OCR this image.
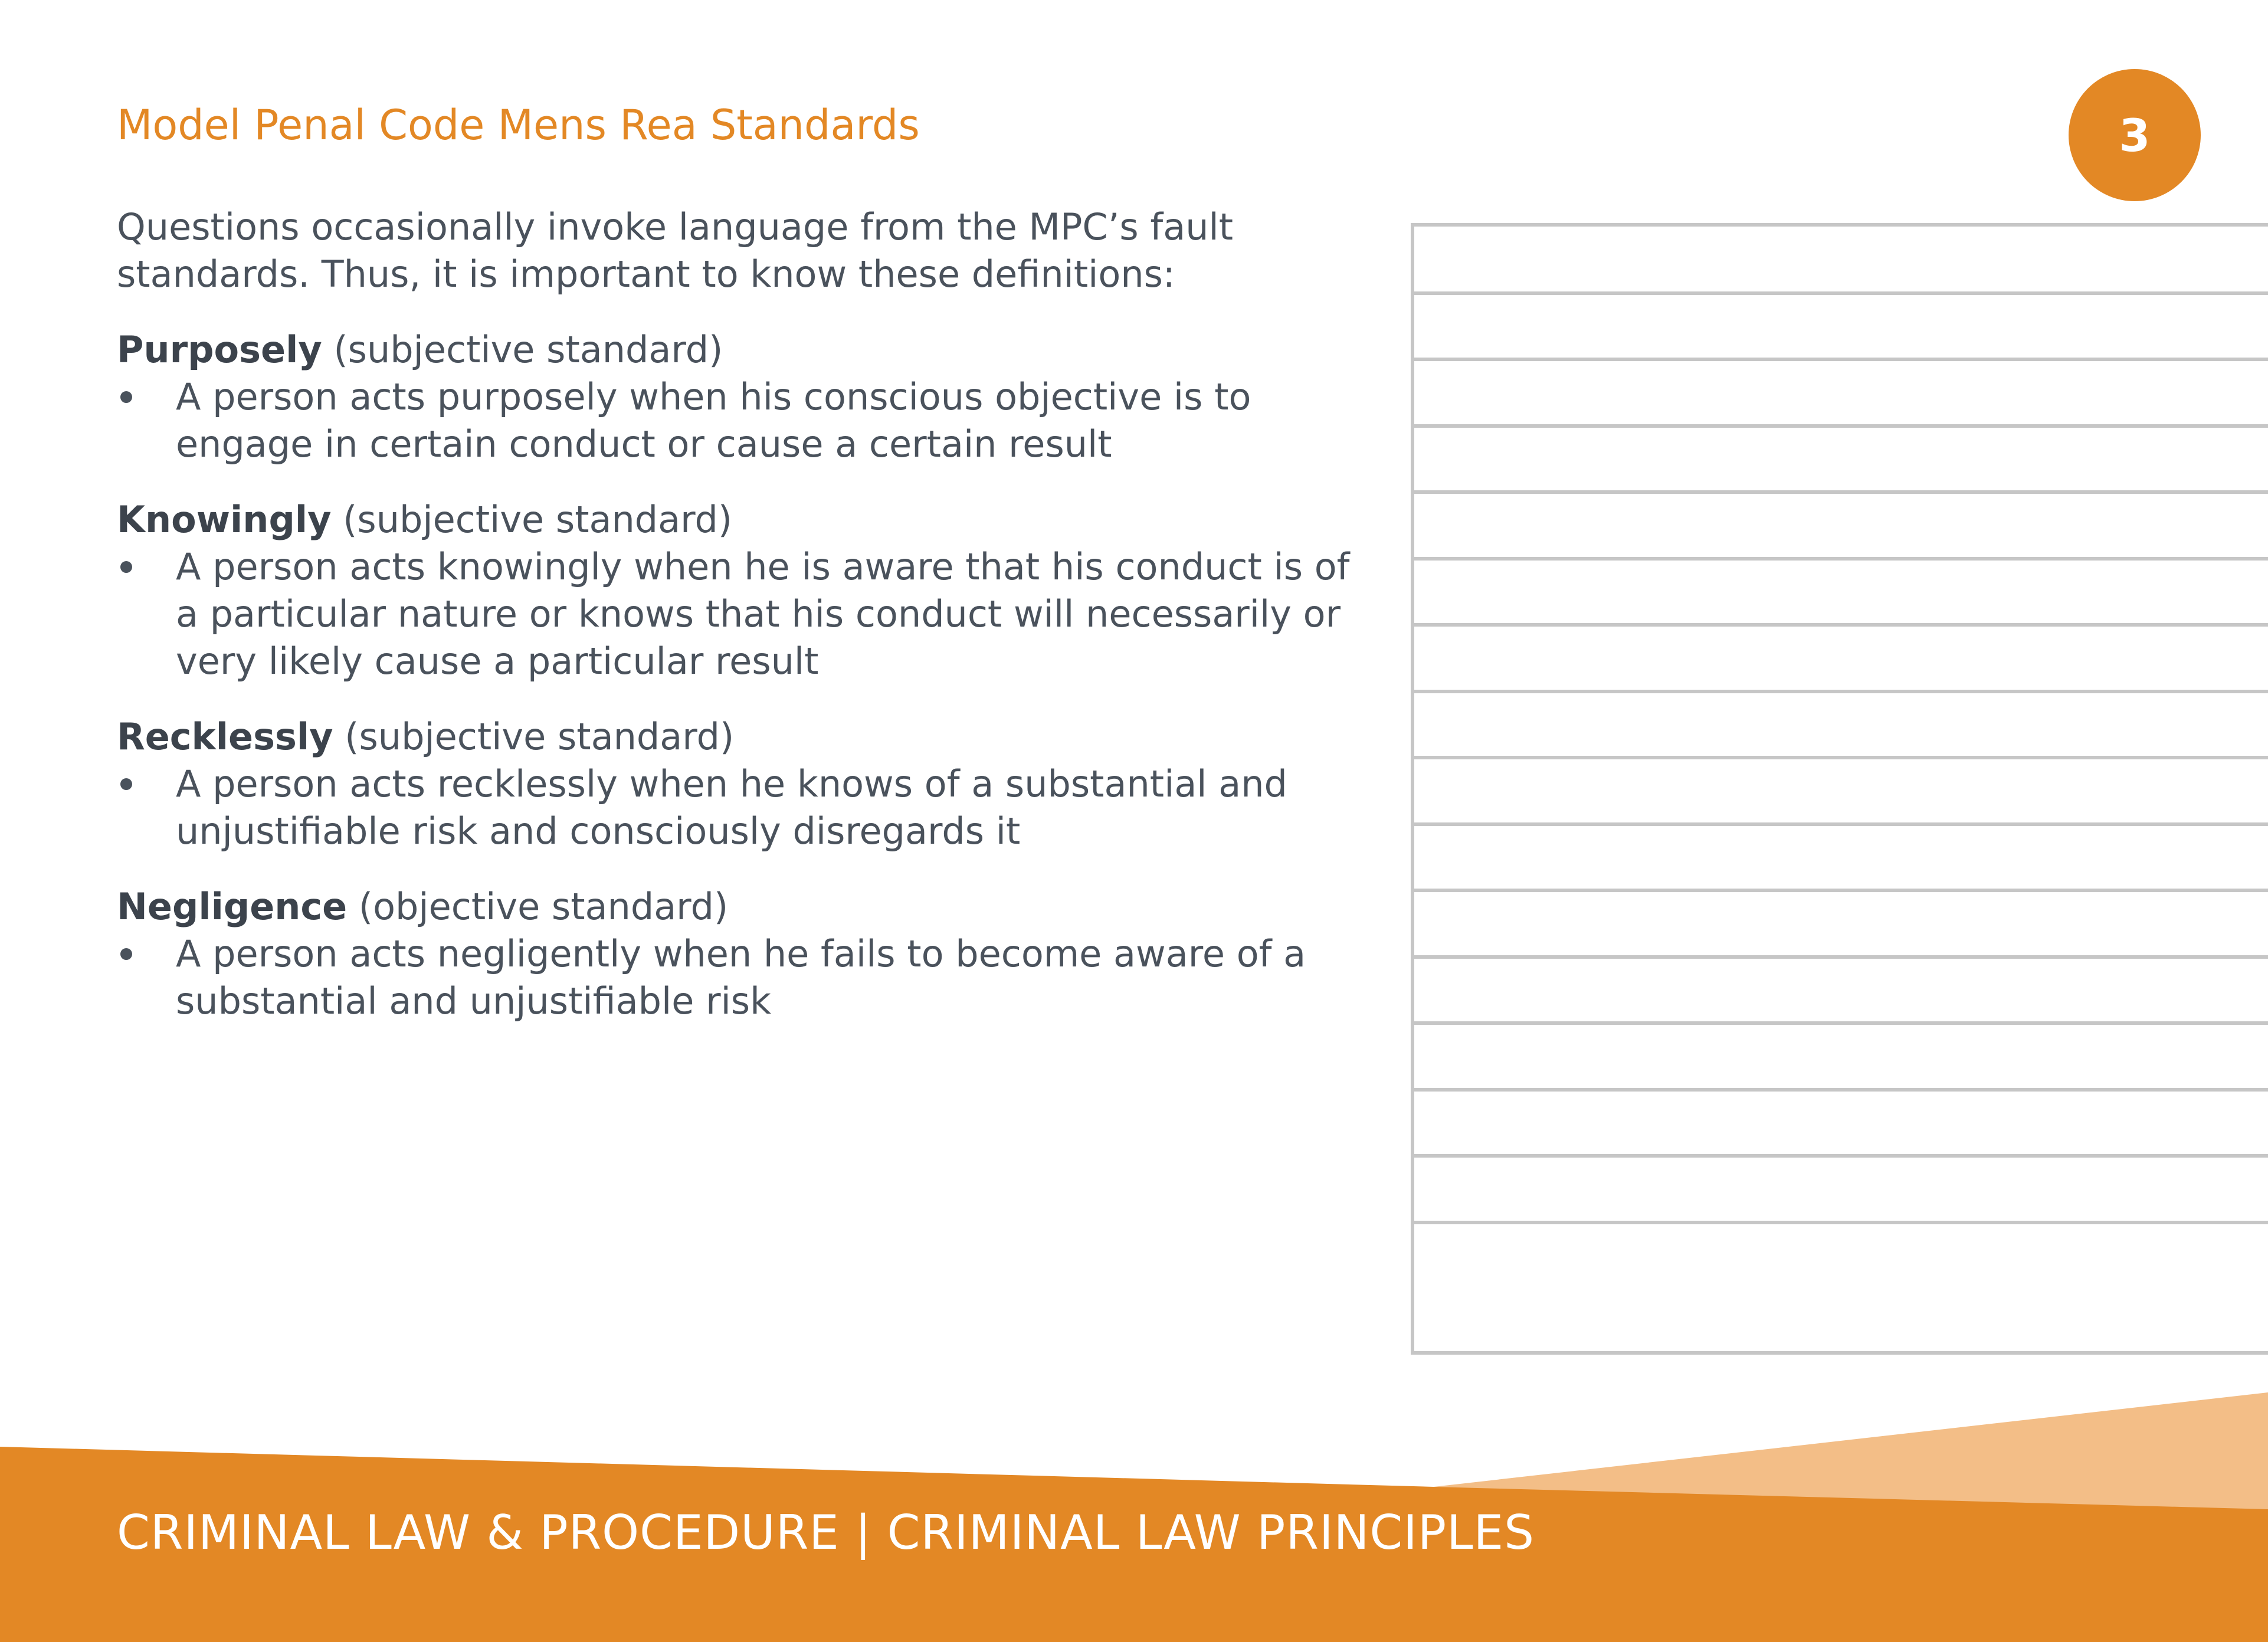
Model Penal Code Mens Rea Standards	3

Questions occasionally invoke language from the MPC’s fault standards. Thus, it is important to know these definitions:

Purposely (subjective standard)

A person acts purposely when his conscious objective is to engage in certain conduct or cause a certain result

Knowingly (subjective standard)

A person acts knowingly when he is aware that his conduct is of a particular nature or knows that his conduct will necessarily or very likely cause a particular result

Recklessly (subjective standard)

A person acts recklessly when he knows of a substantial and unjustifiable risk and consciously disregards it

Negligence (objective standard)

A person acts negligently when he fails to become aware of a substantial and unjustifiable risk

CRIMINAL LAW & PROCEDURE | CRIMINAL LAW PRINCIPLES
